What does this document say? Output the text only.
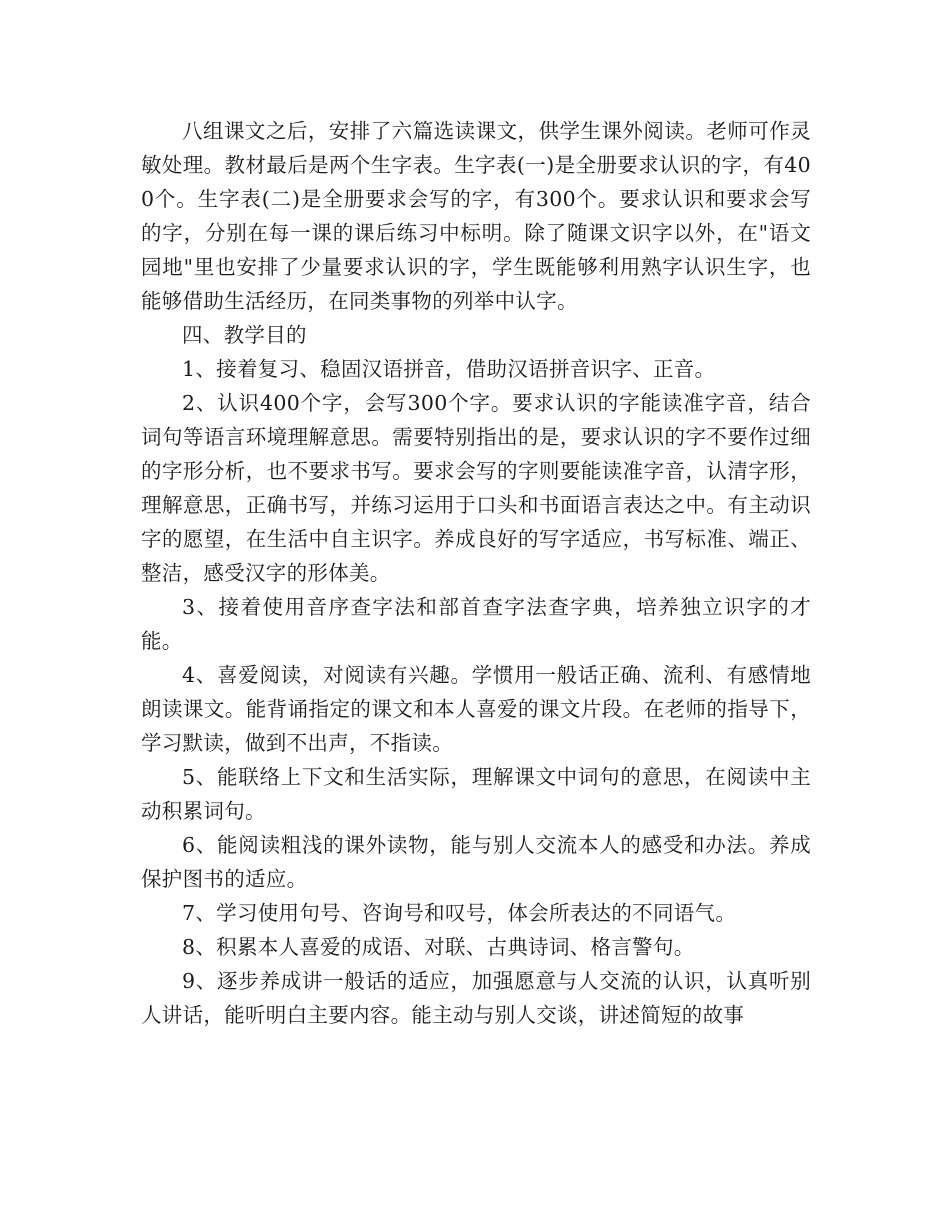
八组课文之后，安排了六篇选读课文，供学生课外阅读。老师可作灵敏处理。教材最后是两个生字表。生字表(一)是全册要求认识的字，有400个。生字表(二)是全册要求会写的字，有300个。要求认识和要求会写的字，分别在每一课的课后练习中标明。除了随课文识字以外，在"语文园地"里也安排了少量要求认识的字，学生既能够利用熟字认识生字，也能够借助生活经历，在同类事物的列举中认字。

四、教学目的

1、接着复习、稳固汉语拼音，借助汉语拼音识字、正音。

2、认识400个字，会写300个字。要求认识的字能读准字音，结合词句等语言环境理解意思。需要特别指出的是，要求认识的字不要作过细的字形分析，也不要求书写。要求会写的字则要能读准字音，认清字形，理解意思，正确书写，并练习运用于口头和书面语言表达之中。有主动识字的愿望，在生活中自主识字。养成良好的写字适应，书写标准、端正、整洁，感受汉字的形体美。

3、接着使用音序查字法和部首查字法查字典，培养独立识字的才能。

4、喜爱阅读，对阅读有兴趣。学惯用一般话正确、流利、有感情地朗读课文。能背诵指定的课文和本人喜爱的课文片段。在老师的指导下，学习默读，做到不出声，不指读。

5、能联络上下文和生活实际，理解课文中词句的意思，在阅读中主动积累词句。

6、能阅读粗浅的课外读物，能与别人交流本人的感受和办法。养成保护图书的适应。

7、学习使用句号、咨询号和叹号，体会所表达的不同语气。

8、积累本人喜爱的成语、对联、古典诗词、格言警句。

9、逐步养成讲一般话的适应，加强愿意与人交流的认识，认真听别人讲话，能听明白主要内容。能主动与别人交谈，讲述简短的故事
